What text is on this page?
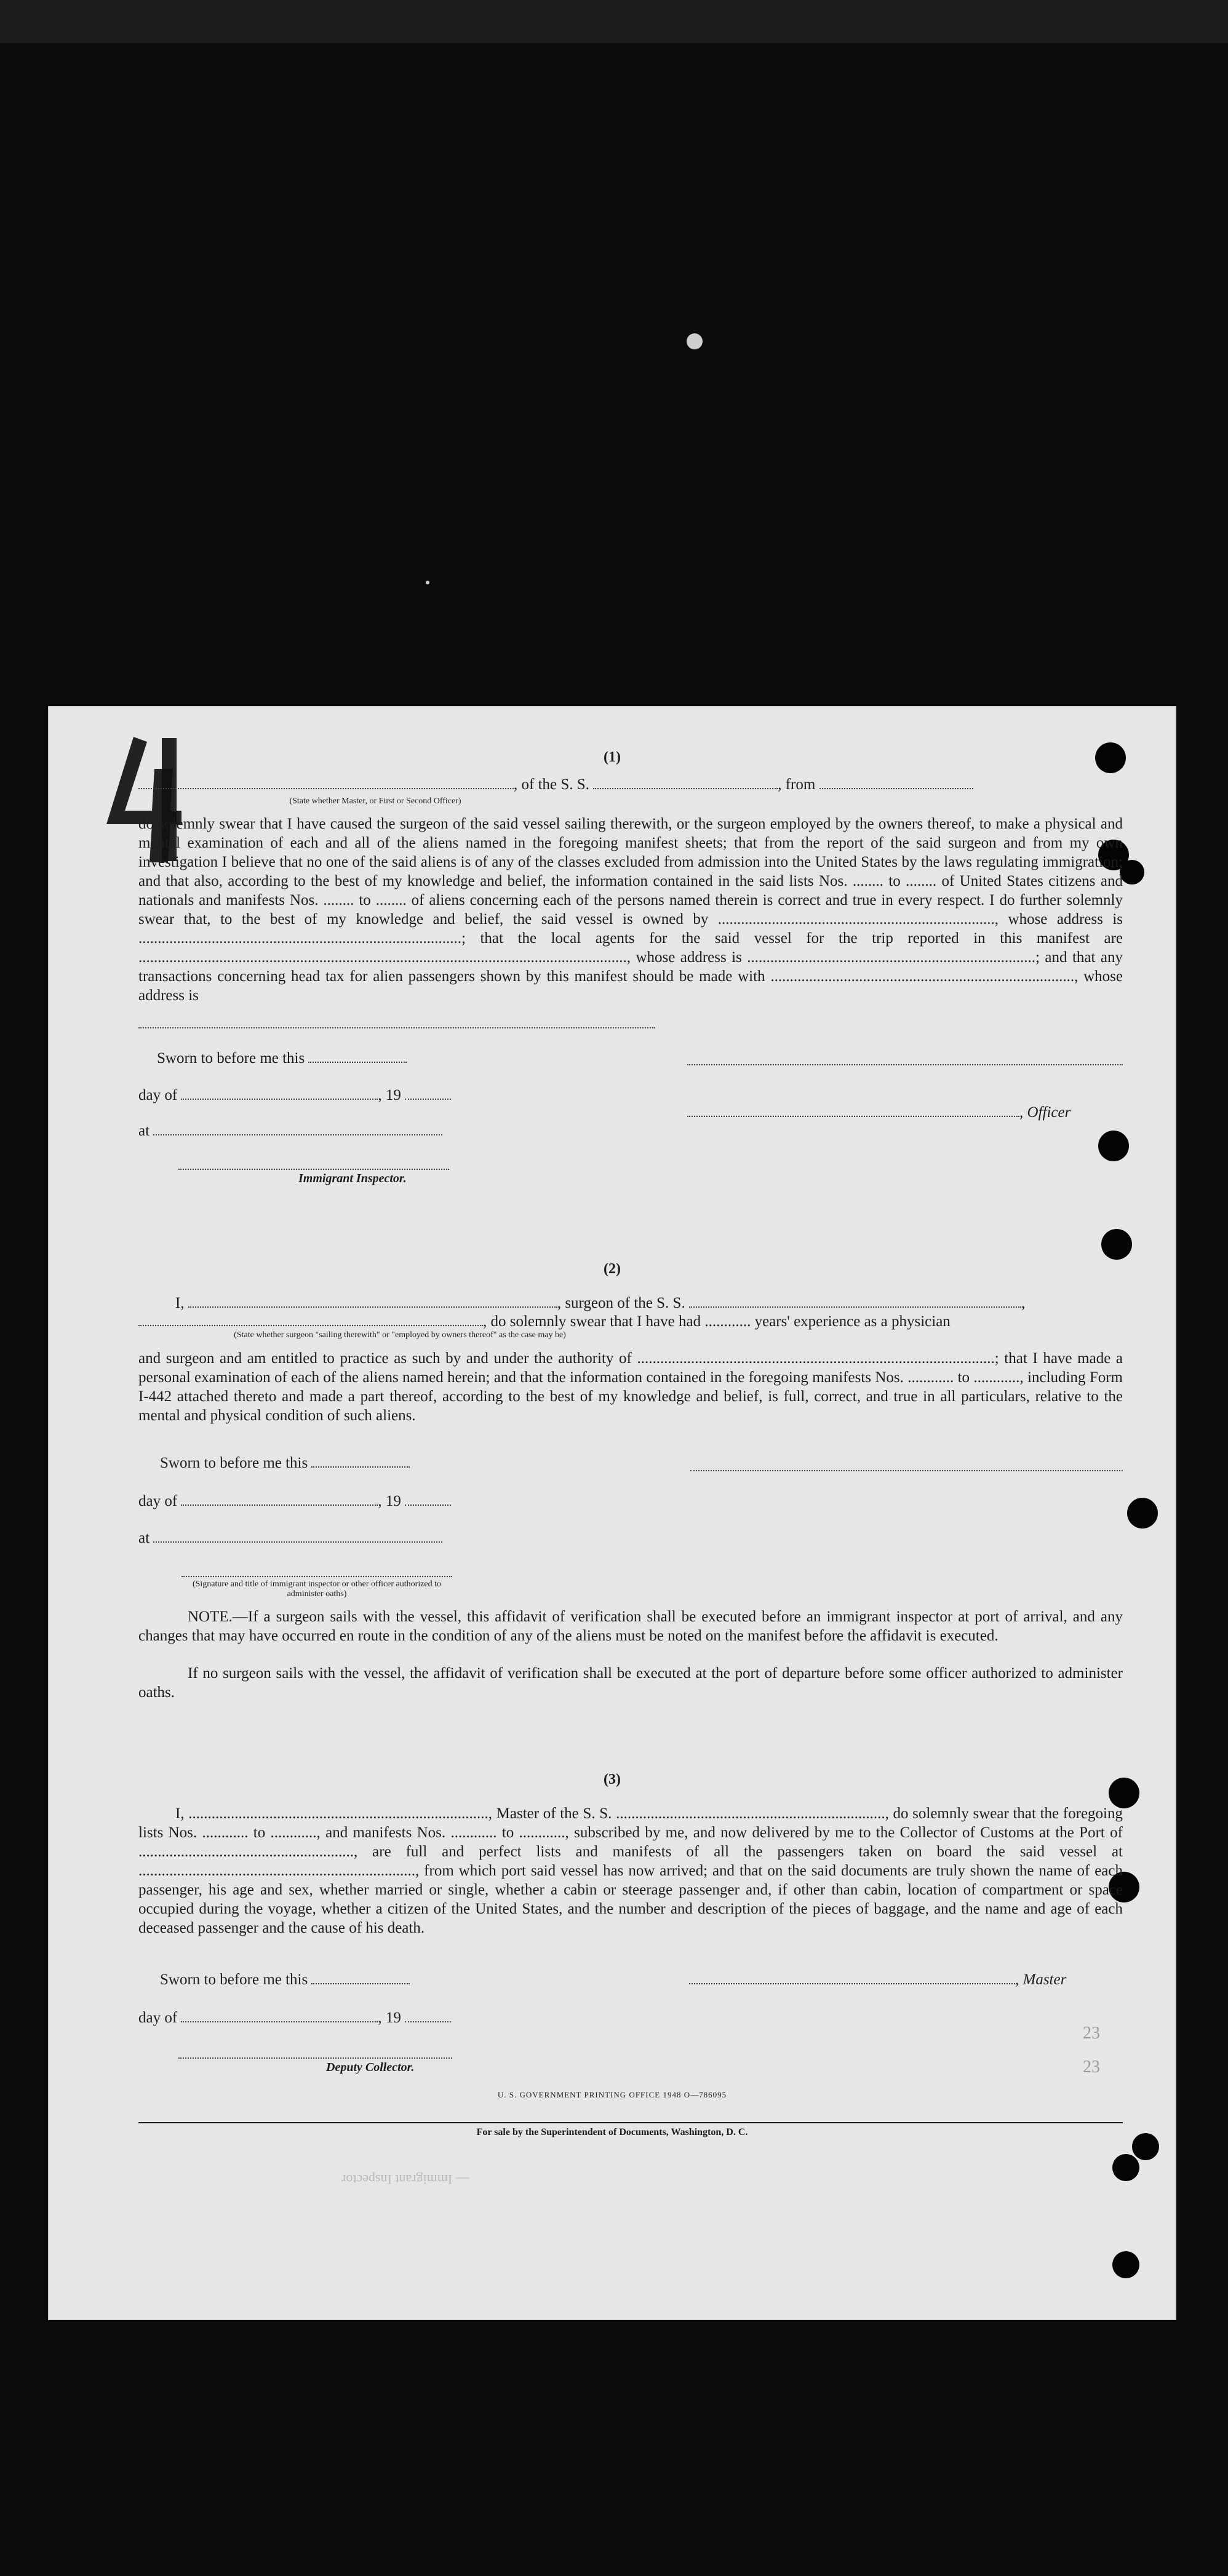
41
(1)
, of the S. S.	, from
(State whether Master, or First or Second Officer)

do solemnly swear that I have caused the surgeon of the said vessel sailing therewith, or the surgeon employed by the owners thereof, to make a physical and mental examination of each and all of the aliens named in the foregoing manifest sheets; that from the report of the said surgeon and from my own investigation I believe that no one of the said aliens is of any of the classes excluded from admission into the United States by the laws regulating immigration; and that also, according to the best of my knowledge and belief, the information contained in the said lists Nos. ........ to ........ of United States citizens and nationals and manifests Nos. ........ to ........ of aliens concerning each of the persons named therein is correct and true in every respect. I do further solemnly swear that, to the best of my knowledge and belief, the said vessel is owned by ........................................................................, whose address is ....................................................................................; that the local agents for the said vessel for the trip reported in this manifest are ..............................................................................................................................., whose address is ...........................................................................; and that any transactions concerning head tax for alien passengers shown by this manifest should be made with ..............................................................................., whose address is

Sworn to before me this
day of	, 19
, Officer
at
Immigrant Inspector.
(2)
I,	, surgeon of the S. S.	,
, do solemnly swear that I have had ............ years' experience as a physician
(State whether surgeon "sailing therewith" or "employed by owners thereof" as the case may be)

and surgeon and am entitled to practice as such by and under the authority of .............................................................................................; that I have made a personal examination of each of the aliens named herein; and that the information contained in the foregoing manifests Nos. ............ to ............, including Form I-442 attached thereto and made a part thereof, according to the best of my knowledge and belief, is full, correct, and true in all particulars, relative to the mental and physical condition of such aliens.

Sworn to before me this
day of	, 19
at
(Signature and title of immigrant inspector or other officer authorized to administer oaths)

NOTE.—If a surgeon sails with the vessel, this affidavit of verification shall be executed before an immigrant inspector at port of arrival, and any changes that may have occurred en route in the condition of any of the aliens must be noted on the manifest before the affidavit is executed.

If no surgeon sails with the vessel, the affidavit of verification shall be executed at the port of departure before some officer authorized to administer oaths.

(3)

I, .............................................................................., Master of the S. S. ......................................................................, do solemnly swear that the foregoing lists Nos. ............ to ............, and manifests Nos. ............ to ............, subscribed by me, and now delivered by me to the Collector of Customs at the Port of ........................................................, are full and perfect lists and manifests of all the passengers taken on board the said vessel at ........................................................................, from which port said vessel has now arrived; and that on the said documents are truly shown the name of each passenger, his age and sex, whether married or single, whether a cabin or steerage passenger and, if other than cabin, location of compartment or space occupied during the voyage, whether a citizen of the United States, and the number and description of the pieces of baggage, and the name and age of each deceased passenger and the cause of his death.

Sworn to before me this	, Master
day of	, 19
Deputy Collector.
U. S. GOVERNMENT PRINTING OFFICE 1948 O—786095
For sale by the Superintendent of Documents, Washington, D. C.
23
23
— Immigrant Inspector
